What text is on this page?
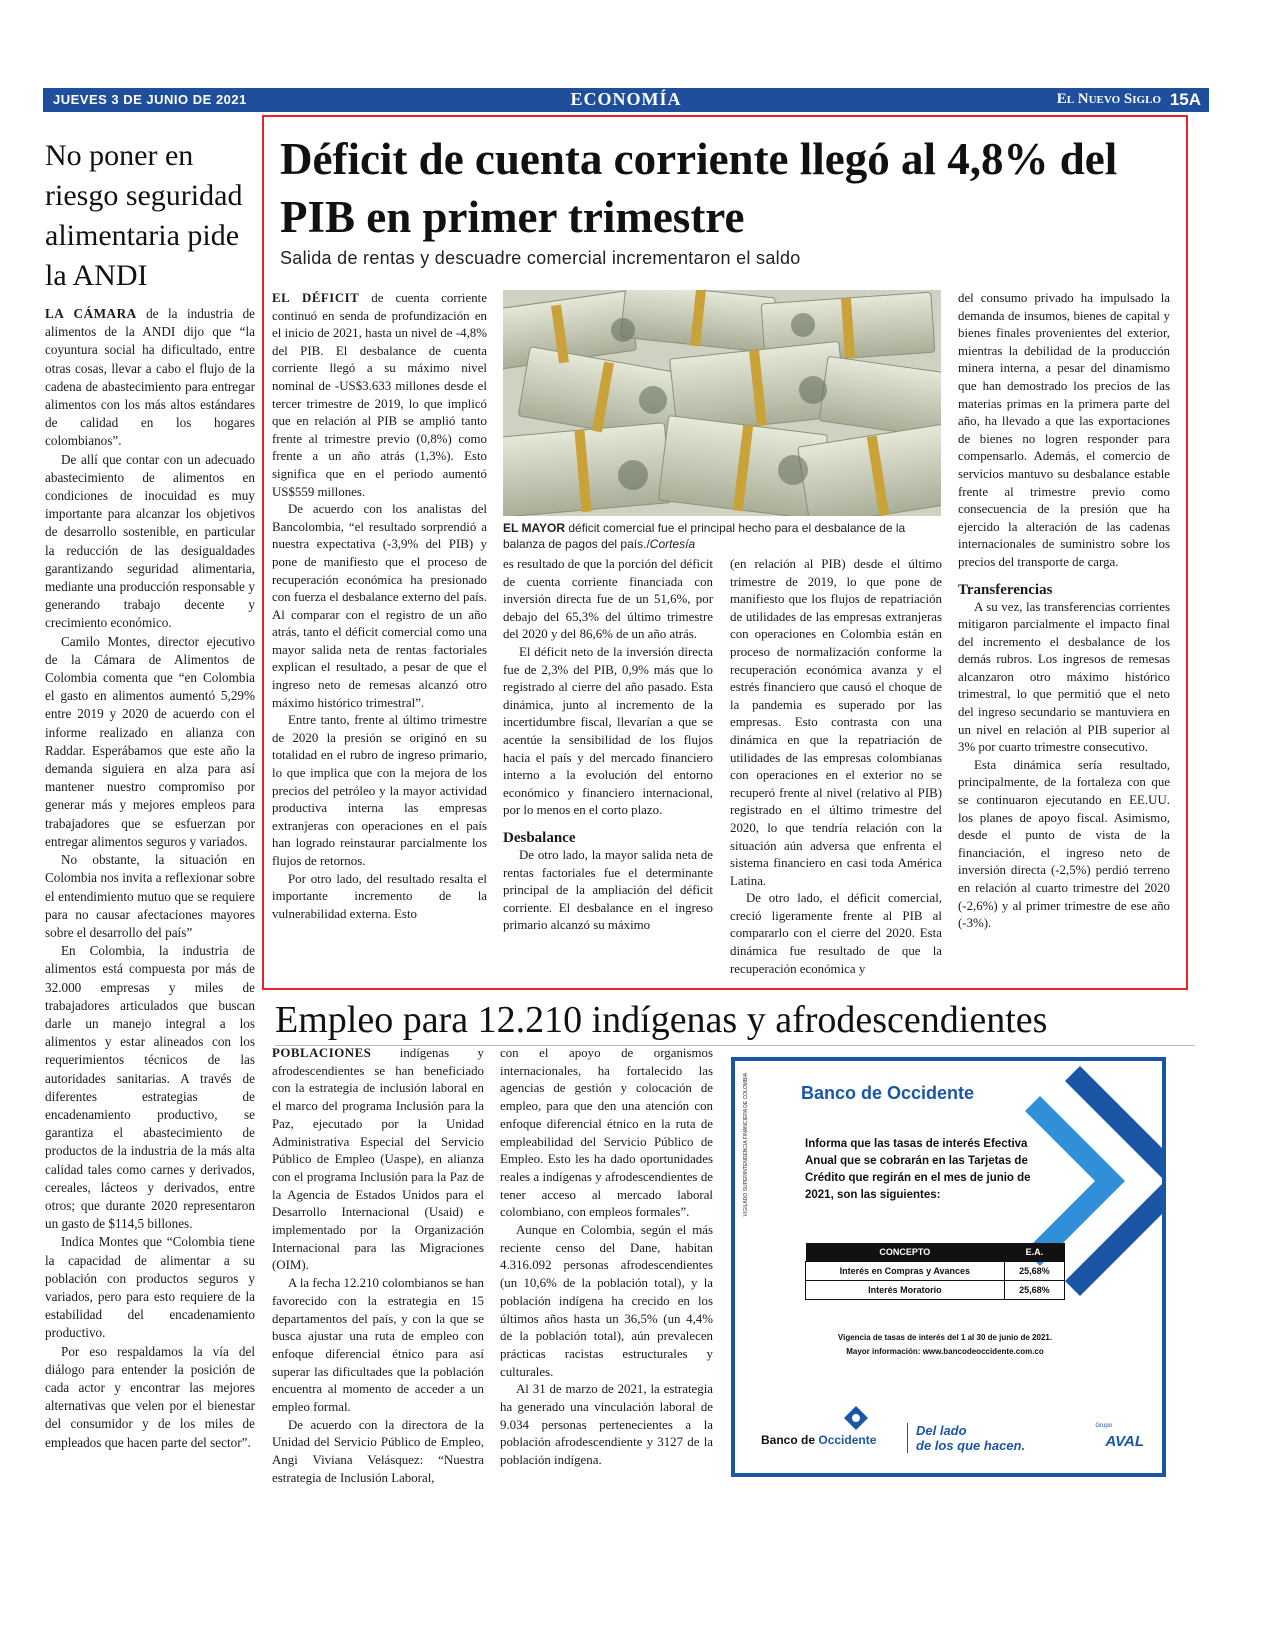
JUEVES 3 DE JUNIO DE 2021	ECONOMÍA	El Nuevo Siglo 15A
No poner en riesgo seguridad alimentaria pide la ANDI

LA CÁMARA de la industria de alimentos de la ANDI dijo que “la coyuntura social ha dificultado, entre otras cosas, llevar a cabo el flujo de la cadena de abastecimiento para entregar alimentos con los más altos estándares de calidad en los hogares colombianos”.

De allí que contar con un adecuado abastecimiento de alimentos en condiciones de inocuidad es muy importante para alcanzar los objetivos de desarrollo sostenible, en particular la reducción de las desigualdades garantizando seguridad alimentaria, mediante una producción responsable y generando trabajo decente y crecimiento económico.

Camilo Montes, director ejecutivo de la Cámara de Alimentos de Colombia comenta que “en Colombia el gasto en alimentos aumentó 5,29% entre 2019 y 2020 de acuerdo con el informe realizado en alianza con Raddar. Esperábamos que este año la demanda siguiera en alza para así mantener nuestro compromiso por generar más y mejores empleos para trabajadores que se esfuerzan por entregar alimentos seguros y variados.

No obstante, la situación en Colombia nos invita a reflexionar sobre el entendimiento mutuo que se requiere para no causar afectaciones mayores sobre el desarrollo del país”

En Colombia, la industria de alimentos está compuesta por más de 32.000 empresas y miles de trabajadores articulados que buscan darle un manejo integral a los alimentos y estar alineados con los requerimientos técnicos de las autoridades sanitarias. A través de diferentes estrategias de encadenamiento productivo, se garantiza el abastecimiento de productos de la industria de la más alta calidad tales como carnes y derivados, cereales, lácteos y derivados, entre otros; que durante 2020 representaron un gasto de $114,5 billones.

Indica Montes que “Colombia tiene la capacidad de alimentar a su población con productos seguros y variados, pero para esto requiere de la estabilidad del encadenamiento productivo.

Por eso respaldamos la vía del diálogo para entender la posición de cada actor y encontrar las mejores alternativas que velen por el bienestar del consumidor y de los miles de empleados que hacen parte del sector”.

Déficit de cuenta corriente llegó al 4,8% del PIB en primer trimestre
Salida de rentas y descuadre comercial incrementaron el saldo

EL DÉFICIT de cuenta corriente continuó en senda de profundización en el inicio de 2021, hasta un nivel de -4,8% del PIB. El desbalance de cuenta corriente llegó a su máximo nivel nominal de -US$3.633 millones desde el tercer trimestre de 2019, lo que implicó que en relación al PIB se amplió tanto frente al trimestre previo (0,8%) como frente a un año atrás (1,3%). Esto significa que en el periodo aumentó US$559 millones.

De acuerdo con los analistas del Bancolombia, “el resultado sorprendió a nuestra expectativa (-3,9% del PIB) y pone de manifiesto que el proceso de recuperación económica ha presionado con fuerza el desbalance externo del país. Al comparar con el registro de un año atrás, tanto el déficit comercial como una mayor salida neta de rentas factoriales explican el resultado, a pesar de que el ingreso neto de remesas alcanzó otro máximo histórico trimestral”.

Entre tanto, frente al último trimestre de 2020 la presión se originó en su totalidad en el rubro de ingreso primario, lo que implica que con la mejora de los precios del petróleo y la mayor actividad productiva interna las empresas extranjeras con operaciones en el país han logrado reinstaurar parcialmente los flujos de retornos.

Por otro lado, del resultado resalta el importante incremento de la vulnerabilidad externa. Esto

EL MAYOR déficit comercial fue el principal hecho para el desbalance de la balanza de pagos del país./Cortesía

es resultado de que la porción del déficit de cuenta corriente financiada con inversión directa fue de un 51,6%, por debajo del 65,3% del último trimestre del 2020 y del 86,6% de un año atrás.

El déficit neto de la inversión directa fue de 2,3% del PIB, 0,9% más que lo registrado al cierre del año pasado. Esta dinámica, junto al incremento de la incertidumbre fiscal, llevarían a que se acentúe la sensibilidad de los flujos hacia el país y del mercado financiero interno a la evolución del entorno económico y financiero internacional, por lo menos en el corto plazo.

Desbalance

De otro lado, la mayor salida neta de rentas factoriales fue el determinante principal de la ampliación del déficit corriente. El desbalance en el ingreso primario alcanzó su máximo

(en relación al PIB) desde el último trimestre de 2019, lo que pone de manifiesto que los flujos de repatriación de utilidades de las empresas extranjeras con operaciones en Colombia están en proceso de normalización conforme la recuperación económica avanza y el estrés financiero que causó el choque de la pandemia es superado por las empresas. Esto contrasta con una dinámica en que la repatriación de utilidades de las empresas colombianas con operaciones en el exterior no se recuperó frente al nivel (relativo al PIB) registrado en el último trimestre del 2020, lo que tendría relación con la situación aún adversa que enfrenta el sistema financiero en casi toda América Latina.

De otro lado, el déficit comercial, creció ligeramente frente al PIB al compararlo con el cierre del 2020. Esta dinámica fue resultado de que la recuperación económica y

del consumo privado ha impulsado la demanda de insumos, bienes de capital y bienes finales provenientes del exterior, mientras la debilidad de la producción minera interna, a pesar del dinamismo que han demostrado los precios de las materias primas en la primera parte del año, ha llevado a que las exportaciones de bienes no logren responder para compensarlo. Además, el comercio de servicios mantuvo su desbalance estable frente al trimestre previo como consecuencia de la presión que ha ejercido la alteración de las cadenas internacionales de suministro sobre los precios del transporte de carga.

Transferencias

A su vez, las transferencias corrientes mitigaron parcialmente el impacto final del incremento el desbalance de los demás rubros. Los ingresos de remesas alcanzaron otro máximo histórico trimestral, lo que permitió que el neto del ingreso secundario se mantuviera en un nivel en relación al PIB superior al 3% por cuarto trimestre consecutivo.

Esta dinámica sería resultado, principalmente, de la fortaleza con que se continuaron ejecutando en EE.UU. los planes de apoyo fiscal. Asimismo, desde el punto de vista de la financiación, el ingreso neto de inversión directa (-2,5%) perdió terreno en relación al cuarto trimestre del 2020 (-2,6%) y al primer trimestre de ese año (-3%).

Empleo para 12.210 indígenas y afrodescendientes

POBLACIONES indígenas y afrodescendientes se han beneficiado con la estrategia de inclusión laboral en el marco del programa Inclusión para la Paz, ejecutado por la Unidad Administrativa Especial del Servicio Público de Empleo (Uaspe), en alianza con el programa Inclusión para la Paz de la Agencia de Estados Unidos para el Desarrollo Internacional (Usaid) e implementado por la Organización Internacional para las Migraciones (OIM).

A la fecha 12.210 colombianos se han favorecido con la estrategia en 15 departamentos del país, y con la que se busca ajustar una ruta de empleo con enfoque diferencial étnico para así superar las dificultades que la población encuentra al momento de acceder a un empleo formal.

De acuerdo con la directora de la Unidad del Servicio Público de Empleo, Angi Viviana Velásquez: “Nuestra estrategia de Inclusión Laboral,

con el apoyo de organismos internacionales, ha fortalecido las agencias de gestión y colocación de empleo, para que den una atención con enfoque diferencial étnico en la ruta de empleabilidad del Servicio Público de Empleo. Esto les ha dado oportunidades reales a indígenas y afrodescendientes de tener acceso al mercado laboral colombiano, con empleos formales”.

Aunque en Colombia, según el más reciente censo del Dane, habitan 4.316.092 personas afrodescendientes (un 10,6% de la población total), y la población indígena ha crecido en los últimos años hasta un 36,5% (un 4,4% de la población total), aún prevalecen prácticas racistas estructurales y culturales.

Al 31 de marzo de 2021, la estrategia ha generado una vinculación laboral de 9.034 personas pertenecientes a la población afrodescendiente y 3127 de la población indígena.

Banco de Occidente
Informa que las tasas de interés Efectiva Anual que se cobrarán en las Tarjetas de Crédito que regirán en el mes de junio de 2021, son las siguientes:
CONCEPTO	E.A.
Interés en Compras y Avances	25,68%
Interés Moratorio	25,68%
Vigencia de tasas de interés del 1 al 30 de junio de 2021.
Mayor información: www.bancodeoccidente.com.co
VIGILADO SUPERINTENDENCIA FINANCIERA DE COLOMBIA
Banco de Occidente
Del lado
de los que hacen.
Grupo
AVAL
